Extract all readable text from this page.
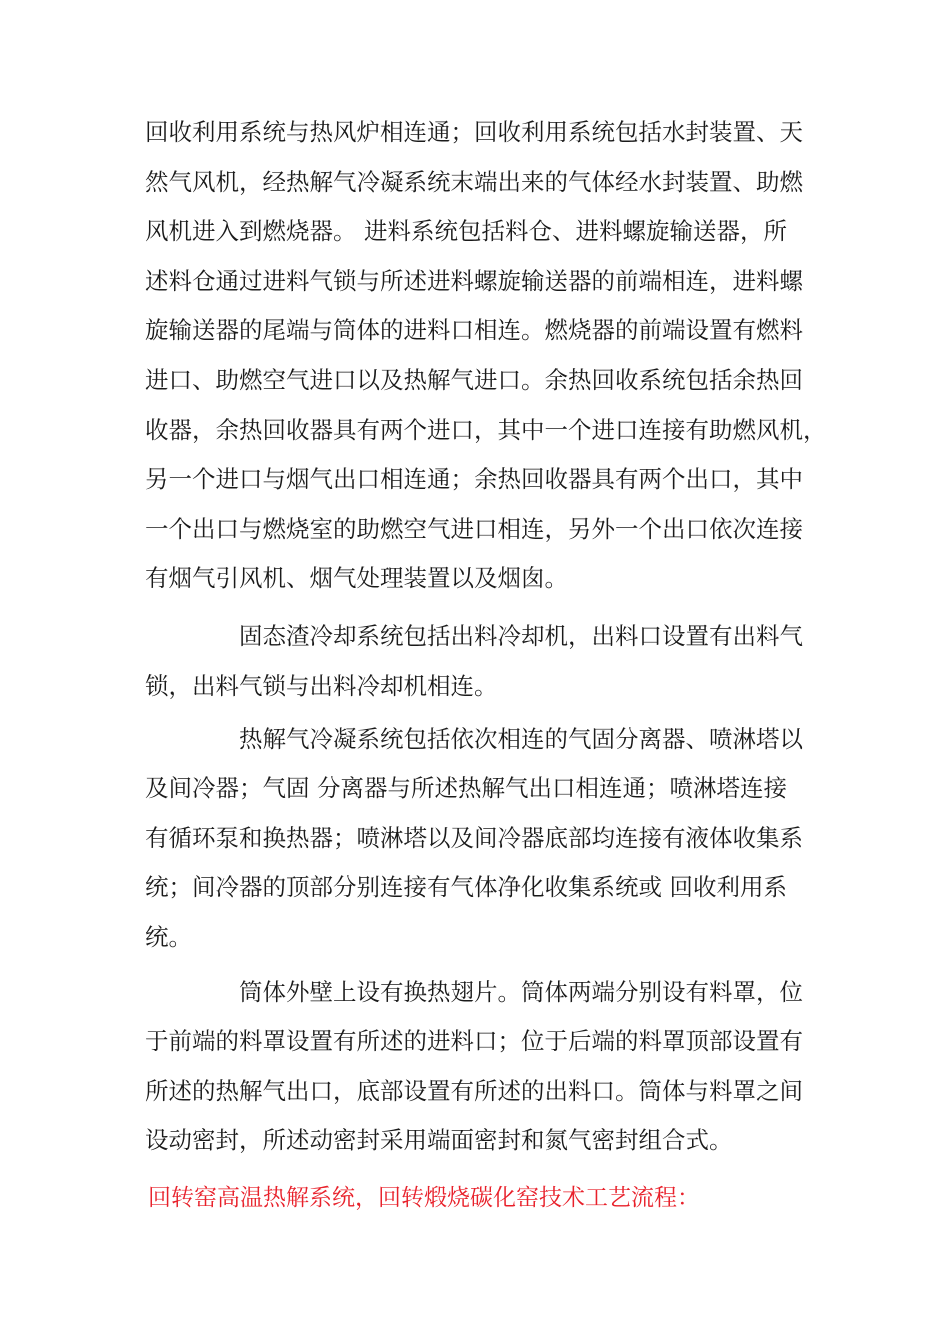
回收利用系统与热风炉相连通；回收利用系统包括水封装置、天
然气风机，经热解气冷凝系统末端出来的气体经水封装置、助燃
风机进入到燃烧器。 进料系统包括料仓、进料螺旋输送器，所
述料仓通过进料气锁与所述进料螺旋输送器的前端相连，进料螺
旋输送器的尾端与筒体的进料口相连。燃烧器的前端设置有燃料
进口、助燃空气进口以及热解气进口。余热回收系统包括余热回
收器，余热回收器具有两个进口，其中一个进口连接有助燃风机，
另一个进口与烟气出口相连通；余热回收器具有两个出口，其中
一个出口与燃烧室的助燃空气进口相连，另外一个出口依次连接
有烟气引风机、烟气处理装置以及烟囱。
固态渣冷却系统包括出料冷却机，出料口设置有出料气
锁，出料气锁与出料冷却机相连。
热解气冷凝系统包括依次相连的气固分离器、喷淋塔以
及间冷器；气固 分离器与所述热解气出口相连通；喷淋塔连接
有循环泵和换热器；喷淋塔以及间冷器底部均连接有液体收集系
统；间冷器的顶部分别连接有气体净化收集系统或 回收利用系
统。
筒体外壁上设有换热翅片。筒体两端分别设有料罩，位
于前端的料罩设置有所述的进料口；位于后端的料罩顶部设置有
所述的热解气出口，底部设置有所述的出料口。筒体与料罩之间
设动密封，所述动密封采用端面密封和氮气密封组合式。
回转窑高温热解系统，回转煅烧碳化窑技术工艺流程：
